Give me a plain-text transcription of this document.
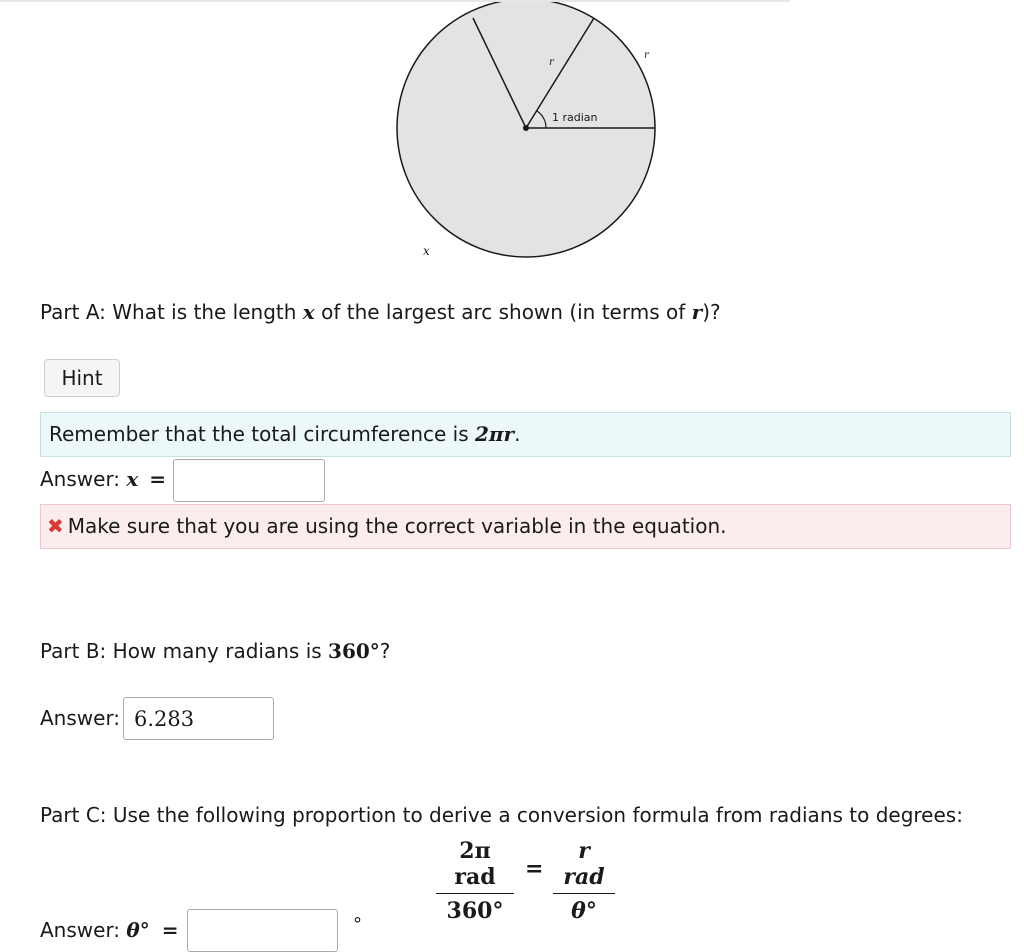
r
r
1 radian
x
Part A: What is the length x of the largest arc shown (in terms of r)?
Hint
Remember that the total circumference is 2πr.
Answer: x =
✖ Make sure that you are using the correct variable in the equation.
Part B: How many radians is 360°?
Answer:
6.283
Part C: Use the following proportion to derive a conversion formula from radians to degrees:
2π rad
360°
=
r rad
θ°
Answer: θ° =	°
